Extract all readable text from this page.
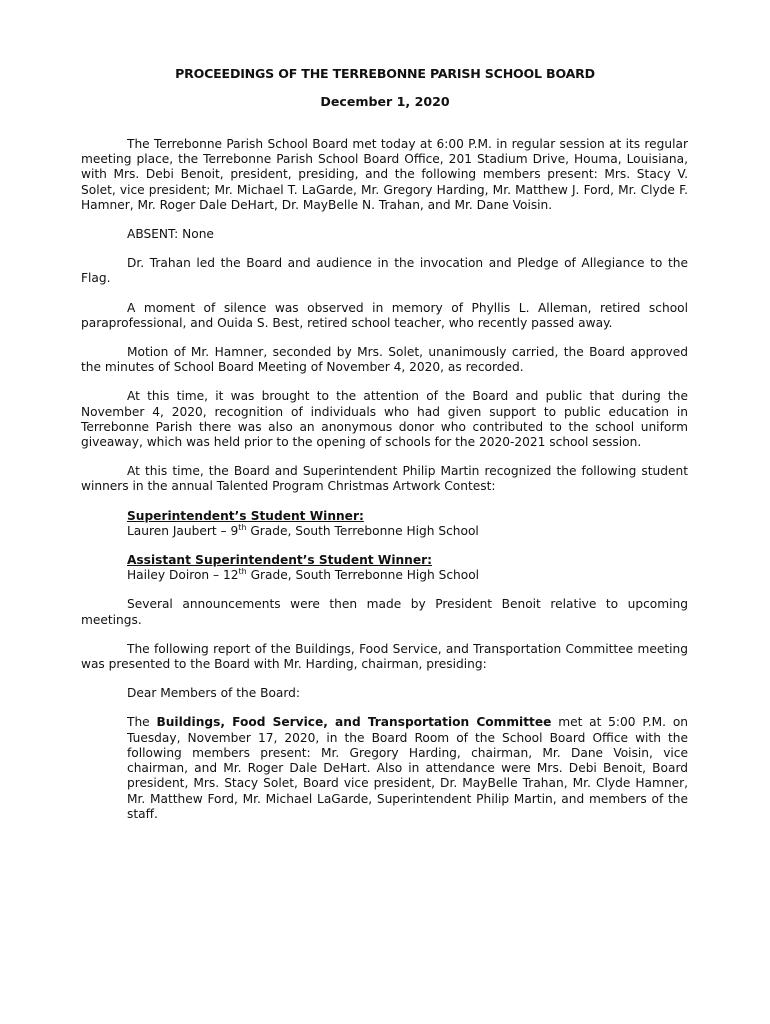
PROCEEDINGS OF THE TERREBONNE PARISH SCHOOL BOARD
December 1, 2020

The Terrebonne Parish School Board met today at 6:00 P.M. in regular session at its regular meeting place, the Terrebonne Parish School Board Office, 201 Stadium Drive, Houma, Louisiana, with Mrs. Debi Benoit, president, presiding, and the following members present: Mrs. Stacy V. Solet, vice president; Mr. Michael T. LaGarde, Mr. Gregory Harding, Mr. Matthew J. Ford, Mr. Clyde F. Hamner, Mr. Roger Dale DeHart, Dr. MayBelle N. Trahan, and Mr. Dane Voisin.

ABSENT: None

Dr. Trahan led the Board and audience in the invocation and Pledge of Allegiance to the Flag.

A moment of silence was observed in memory of Phyllis L. Alleman, retired school paraprofessional, and Ouida S. Best, retired school teacher, who recently passed away.

Motion of Mr. Hamner, seconded by Mrs. Solet, unanimously carried, the Board approved the minutes of School Board Meeting of November 4, 2020, as recorded.

At this time, it was brought to the attention of the Board and public that during the November 4, 2020, recognition of individuals who had given support to public education in Terrebonne Parish there was also an anonymous donor who contributed to the school uniform giveaway, which was held prior to the opening of schools for the 2020-2021 school session.

At this time, the Board and Superintendent Philip Martin recognized the following student winners in the annual Talented Program Christmas Artwork Contest:

Superintendent’s Student Winner:
Lauren Jaubert – 9th Grade, South Terrebonne High School
Assistant Superintendent’s Student Winner:
Hailey Doiron – 12th Grade, South Terrebonne High School

Several announcements were then made by President Benoit relative to upcoming meetings.

The following report of the Buildings, Food Service, and Transportation Committee meeting was presented to the Board with Mr. Harding, chairman, presiding:

Dear Members of the Board:

The Buildings, Food Service, and Transportation Committee met at 5:00 P.M. on Tuesday, November 17, 2020, in the Board Room of the School Board Office with the following members present: Mr. Gregory Harding, chairman, Mr. Dane Voisin, vice chairman, and Mr. Roger Dale DeHart. Also in attendance were Mrs. Debi Benoit, Board president, Mrs. Stacy Solet, Board vice president, Dr. MayBelle Trahan, Mr. Clyde Hamner, Mr. Matthew Ford, Mr. Michael LaGarde, Superintendent Philip Martin, and members of the staff.
